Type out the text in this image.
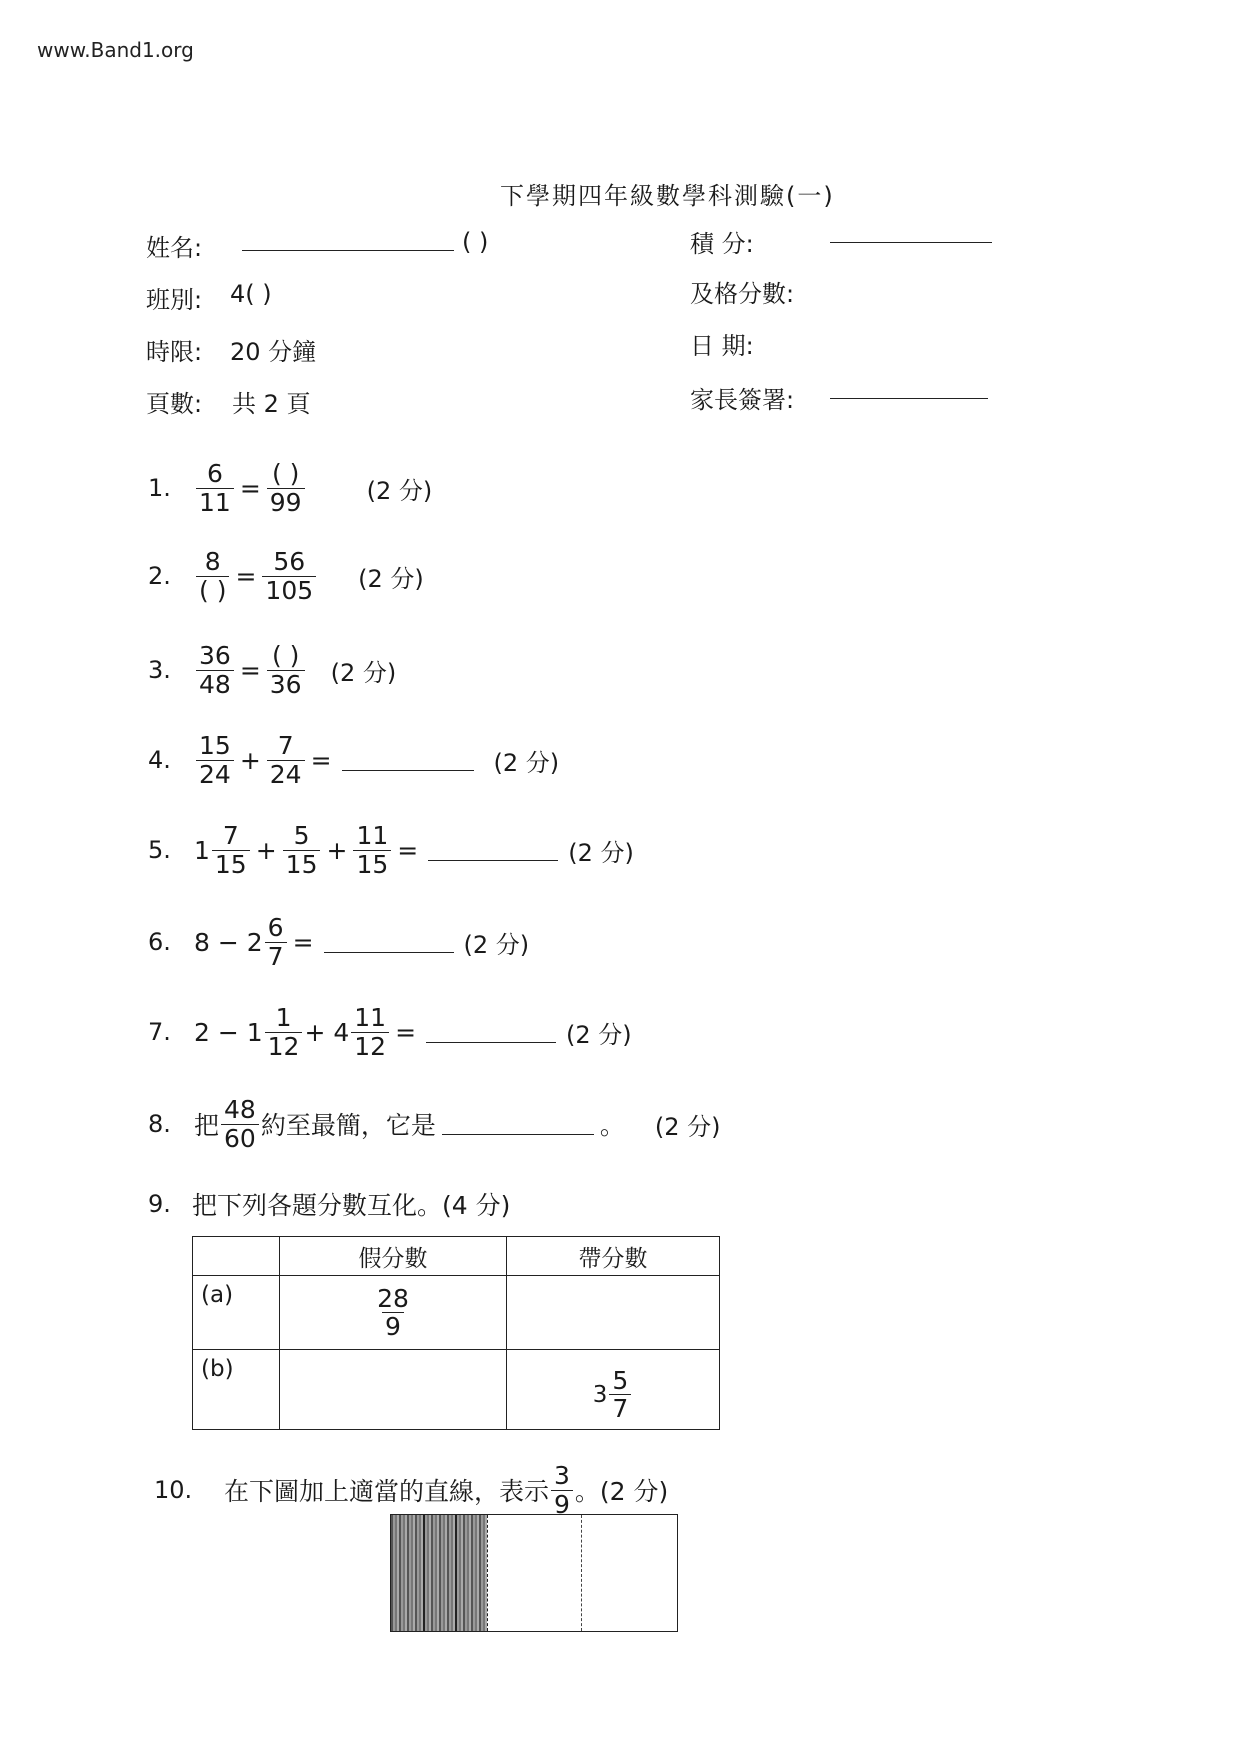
www.Band1.org
下學期四年級數學科測驗(一)
姓名:	( )
班別: 4( )
時限: 20 分鐘
頁數: 共 2 頁
積 分:
及格分數:
日 期:
家長簽署:
1.	$\frac{6}{11} = \frac{( )}{99}$	(2 分)
2.	$\frac{8}{( )} = \frac{56}{105} (2$ 分)
3.	$\frac{36}{48} = \frac{( )}{36} (2$ 分)
4.	$\frac{15}{24} + \frac{7}{24}$ =	(2 分)
5. $1 \frac{7}{15} + \frac{5}{15} + \frac{11}{15}$ =	(2 分)
6. $8 - 2 \frac{6}{7}$ =	(2 分)
7. $2 - 1 \frac{1}{12} + 4 \frac{11}{12}$ =	(2 分)
8. 把 $\frac{48}{60}$ 約至最簡，它是	。 (2 分)
9. 把下列各題分數互化。(4 分)
	假分數	帶分數
(a)	$\frac{28}{9}$

(b)		$3 \frac{5}{7}$
10.	在下圖加上適當的直線，表示 $\frac{3}{9}$ 。(2 分)
